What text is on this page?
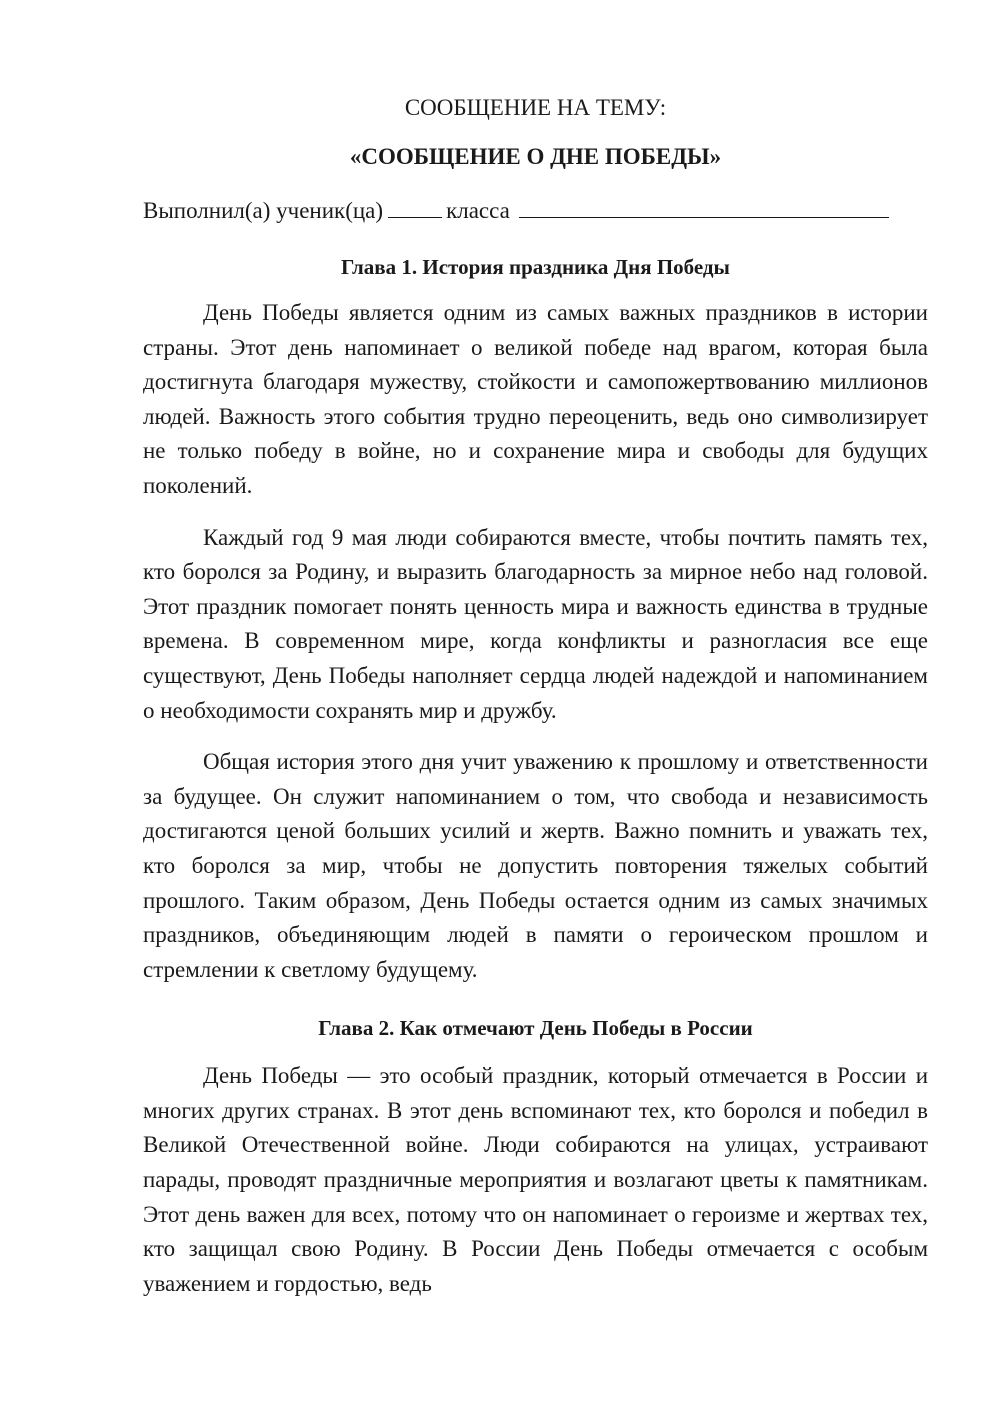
СООБЩЕНИЕ НА ТЕМУ:

«СООБЩЕНИЕ О ДНЕ ПОБЕДЫ»

Выполнил(а) ученик(ца)	класса
Глава 1. История праздника Дня Победы

День Победы является одним из самых важных праздников в истории страны. Этот день напоминает о великой победе над врагом, которая была достигнута благодаря мужеству, стойкости и самопожертвованию миллионов людей. Важность этого события трудно переоценить, ведь оно символизирует не только победу в войне, но и сохранение мира и свободы для будущих поколений.

Каждый год 9 мая люди собираются вместе, чтобы почтить память тех, кто боролся за Родину, и выразить благодарность за мирное небо над головой. Этот праздник помогает понять ценность мира и важность единства в трудные времена. В современном мире, когда конфликты и разногласия все еще существуют, День Победы наполняет сердца людей надеждой и напоминанием о необходимости сохранять мир и дружбу.

Общая история этого дня учит уважению к прошлому и ответственности за будущее. Он служит напоминанием о том, что свобода и независимость достигаются ценой больших усилий и жертв. Важно помнить и уважать тех, кто боролся за мир, чтобы не допустить повторения тяжелых событий прошлого. Таким образом, День Победы остается одним из самых значимых праздников, объединяющим людей в памяти о героическом прошлом и стремлении к светлому будущему.

Глава 2. Как отмечают День Победы в России

День Победы — это особый праздник, который отмечается в России и многих других странах. В этот день вспоминают тех, кто боролся и победил в Великой Отечественной войне. Люди собираются на улицах, устраивают парады, проводят праздничные мероприятия и возлагают цветы к памятникам. Этот день важен для всех, потому что он напоминает о героизме и жертвах тех, кто защищал свою Родину. В России День Победы отмечается с особым уважением и гордостью, ведь
